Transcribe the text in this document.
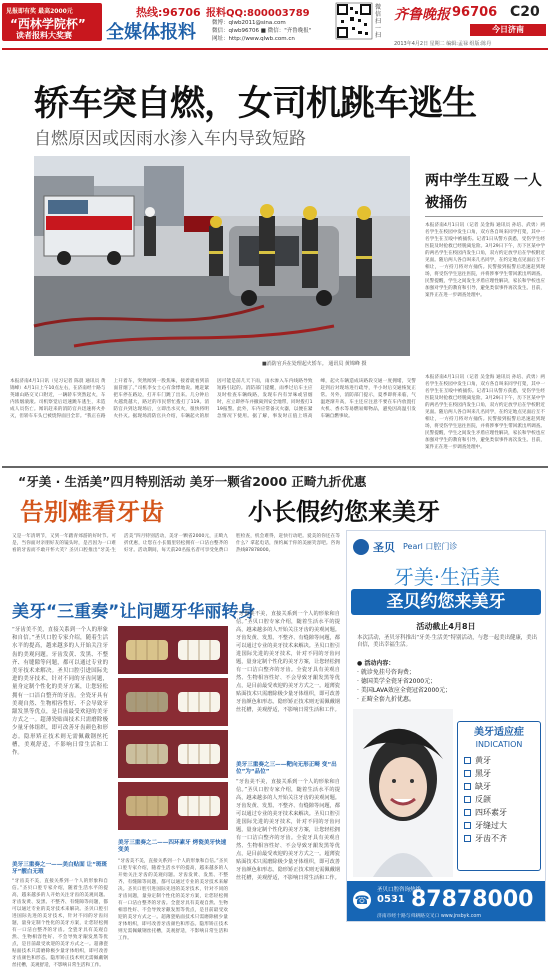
见报即有奖 最高2000元
“西林学院杯”
读者报料大奖赛
热线:96706
全媒体报料
报料QQ:800003789
微博：qlwb2011@sina.com
微信：qlwb96706 ■ 微信："齐鲁晚报"
网址：http://www.qlwb.com.cn
微信扫一扫
齐鲁晚报 96706 C20
今日济南
2013年4月2日 星期二 编辑:孟禄 组版:陈丹
轿车突自燃，女司机跳车逃生
自燃原因或因雨水渗入车内导致短路
■消防官兵在处理起火轿车。 通讯员 黄锦峰 摄
两中学生互殴 一人被捅伤
本报济南4月1日讯（记者 吴金海 通讯员 孙培、武勇）两名学生在校园中发生口角，双方各自叫来同学打架，其中一名学生在互殴中被捅伤。记者1日从警方获悉，受伤学生经医院及时抢救已经脱离危险。3月29日下午，历下区某中学的两名学生在校园内发生口角，双方约定放学后在学校附近见面。随后两人各自叫来几名同学，在约定地点见面后互不相让，一方持刀将对方捅伤。民警接到报警后迅速赶到现场，将受伤学生送往医院，并将涉事学生带回派出所调查。民警提醒，学生之间发生矛盾应理性解决，家长和学校也应加强对学生的教育和引导，避免类似事件再次发生。目前，案件正在进一步调查处理中。
本报济南4月1日讯（见习记者 陈晨 通讯员 黄锦峰）4月1日上午10点左右，在济南经十路与英雄山路交叉口附近，一辆轿车突然起火，车内浓烟滚滚。司机察觉后迅速跳车逃生，未造成人员伤亡。闻讯赶来的消防官兵迅速将火扑灭，但轿车车头已被烧得面目全非。“我正在路上开着车，突然闻到一股焦味，接着就看到前面冒烟了。”司机李女士心有余悸地说。她赶紧把车停在路边，打开车门跳了出来。几分钟后火越烧越大，路过的市民帮忙拨打了119。消防官兵到达现场后，立即出水灭火，很快将明火扑灭。据现场消防官兵介绍，车辆起火的原因可能是前几天下雨，雨水渗入车内线路导致短路引起的。消防部门提醒，雨季过后车主应及时检查车辆线路，发现车内有异味或冒烟时，应立即停车并撤离到安全地带，同时拨打119报警。此外，车内应常备灭火器，以便在紧急情况下使用。据了解，事发时正值上班高峰，起火车辆造成该路段交通一度拥堵，交警赶到后对现场进行疏导，半小时后交通恢复正常。另外，消防部门提示，夏季即将来临，气温逐渐升高，车主还应注意不要在车内放置打火机、香水等易燃易爆物品，避免因高温引发车辆自燃事故。
本报济南4月1日讯（记者 吴金海 通讯员 孙培、武勇）两名学生在校园中发生口角，双方各自叫来同学打架，其中一名学生在互殴中被捅伤。记者1日从警方获悉，受伤学生经医院及时抢救已经脱离危险。3月29日下午，历下区某中学的两名学生在校园内发生口角，双方约定放学后在学校附近见面。随后两人各自叫来几名同学，在约定地点见面后互不相让，一方持刀将对方捅伤。民警接到报警后迅速赶到现场，将受伤学生送往医院，并将涉事学生带回派出所调查。民警提醒，学生之间发生矛盾应理性解决，家长和学校也应加强对学生的教育和引导，避免类似事件再次发生。目前，案件正在进一步调查处理中。
“牙美 · 生活美”四月特别活动 美牙一颗省2000 正畸九折优惠
告别难看牙齿	小长假约您来美牙
又是一年清明节，又到一年踏青郊游的好时节。可是，当你面对亲朋好友的镜头时，是否因为一口难看的牙齿而不敢开怀大笑？圣贝口腔推出“牙美·生活美”四月特别活动，美牙一颗省2000元，正畸九折优惠，让您在小长假里轻松拥有一口洁白整齐的好牙。活动期间，每天前20名报名者可享受免费口腔检查，机会难得，赶快行动吧。爱美的你还在等什么？拿起电话，预约属于你的美丽笑容吧。咨询热线87878000。
美牙“三重奏”让问题牙华丽转身
“牙齿美不美，直接关系到一个人的形象和自信。”圣贝口腔专家介绍，随着生活水平的提高，越来越多的人开始关注牙齿的美观问题。牙齿发黄、发黑、不整齐、有缝隙等问题，都可以通过专业的美牙技术来解决。圣贝口腔引进国际先进的美牙技术，针对不同的牙齿问题，量身定制个性化的美牙方案，让您轻松拥有一口洁白整齐的牙齿。全瓷牙具有美观自然、生物相容性好、不会导致牙龈发黑等优点，是目前最受欢迎的美牙方式之一。超薄瓷贴面技术只需磨除极少量牙体组织，即可改善牙齿颜色和形态。隐形矫正技术则无需佩戴钢丝托槽，美观舒适，不影响日常生活和工作。
美牙三重奏之一——美白贴面 让“斑斑牙”靓白无瑕
“牙齿美不美，直接关系到一个人的形象和自信。”圣贝口腔专家介绍，随着生活水平的提高，越来越多的人开始关注牙齿的美观问题。牙齿发黄、发黑、不整齐、有缝隙等问题，都可以通过专业的美牙技术来解决。圣贝口腔引进国际先进的美牙技术，针对不同的牙齿问题，量身定制个性化的美牙方案，让您轻松拥有一口洁白整齐的牙齿。全瓷牙具有美观自然、生物相容性好、不会导致牙龈发黑等优点，是目前最受欢迎的美牙方式之一。超薄瓷贴面技术只需磨除极少量牙体组织，即可改善牙齿颜色和形态。隐形矫正技术则无需佩戴钢丝托槽，美观舒适，不影响日常生活和工作。
美牙三重奏之二——四环素牙 烤瓷美牙快速变美
“牙齿美不美，直接关系到一个人的形象和自信。”圣贝口腔专家介绍，随着生活水平的提高，越来越多的人开始关注牙齿的美观问题。牙齿发黄、发黑、不整齐、有缝隙等问题，都可以通过专业的美牙技术来解决。圣贝口腔引进国际先进的美牙技术，针对不同的牙齿问题，量身定制个性化的美牙方案，让您轻松拥有一口洁白整齐的牙齿。全瓷牙具有美观自然、生物相容性好、不会导致牙龈发黑等优点，是目前最受欢迎的美牙方式之一。超薄瓷贴面技术只需磨除极少量牙体组织，即可改善牙齿颜色和形态。隐形矫正技术则无需佩戴钢丝托槽，美观舒适，不影响日常生活和工作。
“牙齿美不美，直接关系到一个人的形象和自信。”圣贝口腔专家介绍，随着生活水平的提高，越来越多的人开始关注牙齿的美观问题。牙齿发黄、发黑、不整齐、有缝隙等问题，都可以通过专业的美牙技术来解决。圣贝口腔引进国际先进的美牙技术，针对不同的牙齿问题，量身定制个性化的美牙方案，让您轻松拥有一口洁白整齐的牙齿。全瓷牙具有美观自然、生物相容性好、不会导致牙龈发黑等优点，是目前最受欢迎的美牙方式之一。超薄瓷贴面技术只需磨除极少量牙体组织，即可改善牙齿颜色和形态。隐形矫正技术则无需佩戴钢丝托槽，美观舒适，不影响日常生活和工作。
美牙三重奏之三——靶向无形正畸 变“出位”为“品位”
“牙齿美不美，直接关系到一个人的形象和自信。”圣贝口腔专家介绍，随着生活水平的提高，越来越多的人开始关注牙齿的美观问题。牙齿发黄、发黑、不整齐、有缝隙等问题，都可以通过专业的美牙技术来解决。圣贝口腔引进国际先进的美牙技术，针对不同的牙齿问题，量身定制个性化的美牙方案，让您轻松拥有一口洁白整齐的牙齿。全瓷牙具有美观自然、生物相容性好、不会导致牙龈发黑等优点，是目前最受欢迎的美牙方式之一。超薄瓷贴面技术只需磨除极少量牙体组织，即可改善牙齿颜色和形态。隐形矫正技术则无需佩戴钢丝托槽，美观舒适，不影响日常生活和工作。
圣贝 Pearl 口腔门诊
牙美·生活美
圣贝约您来美牙
活动截止4月8日
本次活动，圣贝牙科推出“牙美·生活美”特别活动，与您一起美出健康，美出自信，美出幸福生活。
● 活动内容：
· 就诊免挂号咨询费；
· 德国美学全瓷牙省2000元；
· 美国LAVA效应全瓷冠省2000元；
· 正畸全套九折优惠。
美牙适应症
INDICATION
黄牙
黑牙
缺牙
反颌
四环素牙
牙缝过大
牙齿不齐
☎
圣贝口腔咨询热线
0531 87878000
济南市经十路与舜耕路交叉口 www.jnsbyk.com
